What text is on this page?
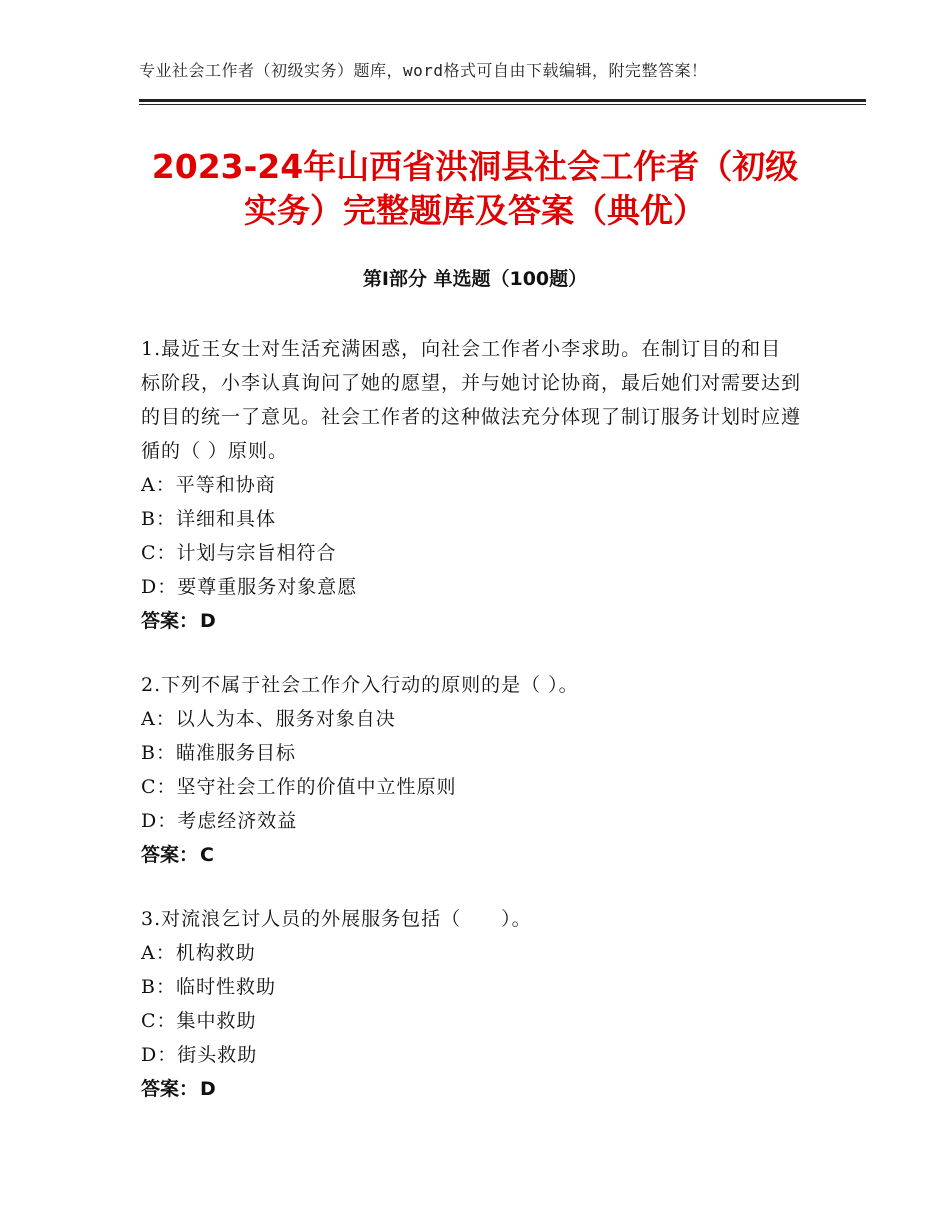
专业社会工作者（初级实务）题库，word格式可自由下载编辑，附完整答案！
2023-24年山西省洪洞县社会工作者（初级实务）完整题库及答案（典优）
第Ⅰ部分 单选题（100题）
1.最近王女士对生活充满困惑，向社会工作者小李求助。在制订目的和目标阶段，小李认真询问了她的愿望，并与她讨论协商，最后她们对需要达到的目的统一了意见。社会工作者的这种做法充分体现了制订服务计划时应遵循的（ ）原则。
A：平等和协商
B：详细和具体
C：计划与宗旨相符合
D：要尊重服务对象意愿
答案： D
2.下列不属于社会工作介入行动的原则的是（ ）。
A：以人为本、服务对象自决
B：瞄准服务目标
C：坚守社会工作的价值中立性原则
D：考虑经济效益
答案： C
3.对流浪乞讨人员的外展服务包括（　　）。
A：机构救助
B：临时性救助
C：集中救助
D：街头救助
答案： D
